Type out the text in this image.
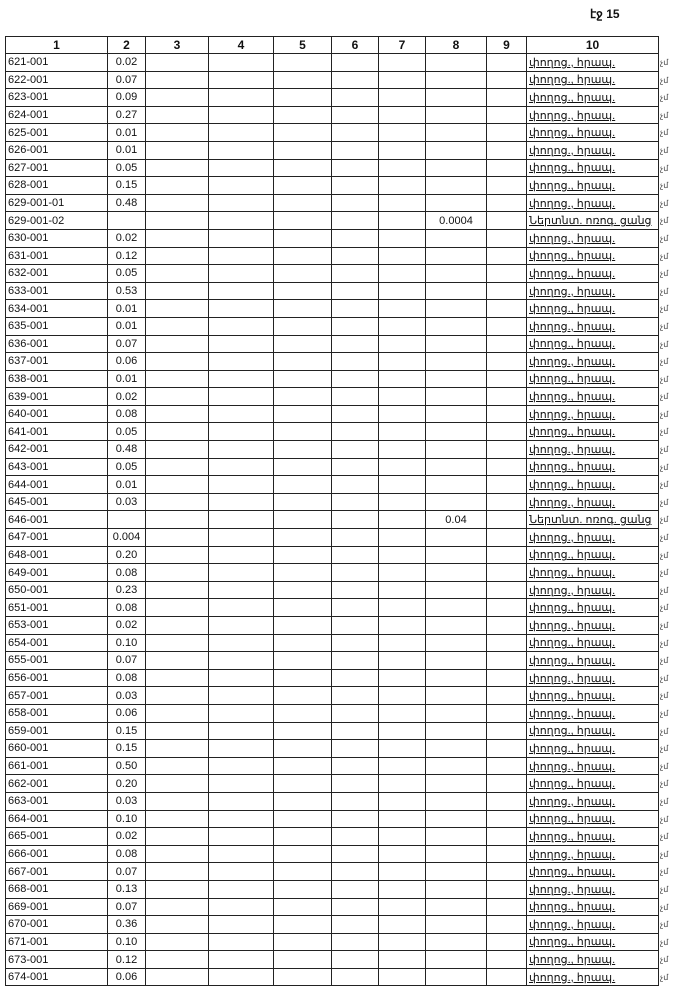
էջ 15
1	2	3	4	5	6	7	8	9	10
621-001	0.02								փողոց., հրապ.
622-001	0.07								փողոց., հրապ.
623-001	0.09								փողոց., հրապ.
624-001	0.27								փողոց., հրապ.
625-001	0.01								փողոց., հրապ.
626-001	0.01								փողոց., հրապ.
627-001	0.05								փողոց., հրապ.
628-001	0.15								փողոց., հրապ.
629-001-01	0.48								փողոց., հրապ.
629-001-02							0.0004		Ներտնտ. ոռոգ. ցանց
630-001	0.02								փողոց., հրապ.
631-001	0.12								փողոց., հրապ.
632-001	0.05								փողոց., հրապ.
633-001	0.53								փողոց., հրապ.
634-001	0.01								փողոց., հրապ.
635-001	0.01								փողոց., հրապ.
636-001	0.07								փողոց., հրապ.
637-001	0.06								փողոց., հրապ.
638-001	0.01								փողոց., հրապ.
639-001	0.02								փողոց., հրապ.
640-001	0.08								փողոց., հրապ.
641-001	0.05								փողոց., հրապ.
642-001	0.48								փողոց., հրապ.
643-001	0.05								փողոց., հրապ.
644-001	0.01								փողոց., հրապ.
645-001	0.03								փողոց., հրապ.
646-001							0.04		Ներտնտ. ոռոգ. ցանց
647-001	0.004								փողոց., հրապ.
648-001	0.20								փողոց., հրապ.
649-001	0.08								փողոց., հրապ.
650-001	0.23								փողոց., հրապ.
651-001	0.08								փողոց., հրապ.
653-001	0.02								փողոց., հրապ.
654-001	0.10								փողոց., հրապ.
655-001	0.07								փողոց., հրապ.
656-001	0.08								փողոց., հրապ.
657-001	0.03								փողոց., հրապ.
658-001	0.06								փողոց., հրապ.
659-001	0.15								փողոց., հրապ.
660-001	0.15								փողոց., հրապ.
661-001	0.50								փողոց., հրապ.
662-001	0.20								փողոց., հրապ.
663-001	0.03								փողոց., հրապ.
664-001	0.10								փողոց., հրապ.
665-001	0.02								փողոց., հրապ.
666-001	0.08								փողոց., հրապ.
667-001	0.07								փողոց., հրապ.
668-001	0.13								փողոց., հրապ.
669-001	0.07								փողոց., հրապ.
670-001	0.36								փողոց., հրապ.
671-001	0.10								փողոց., հրապ.
673-001	0.12								փողոց., հրապ.
674-001	0.06								փողոց., հրապ.
չմ
չմ
չմ
չմ
չմ
չմ
չմ
չմ
չմ
չմ
չմ
չմ
չմ
չմ
չմ
չմ
չմ
չմ
չմ
չմ
չմ
չմ
չմ
չմ
չմ
չմ
չմ
չմ
չմ
չմ
չմ
չմ
չմ
չմ
չմ
չմ
չմ
չմ
չմ
չմ
չմ
չմ
չմ
չմ
չմ
չմ
չմ
չմ
չմ
չմ
չմ
չմ
չմ
